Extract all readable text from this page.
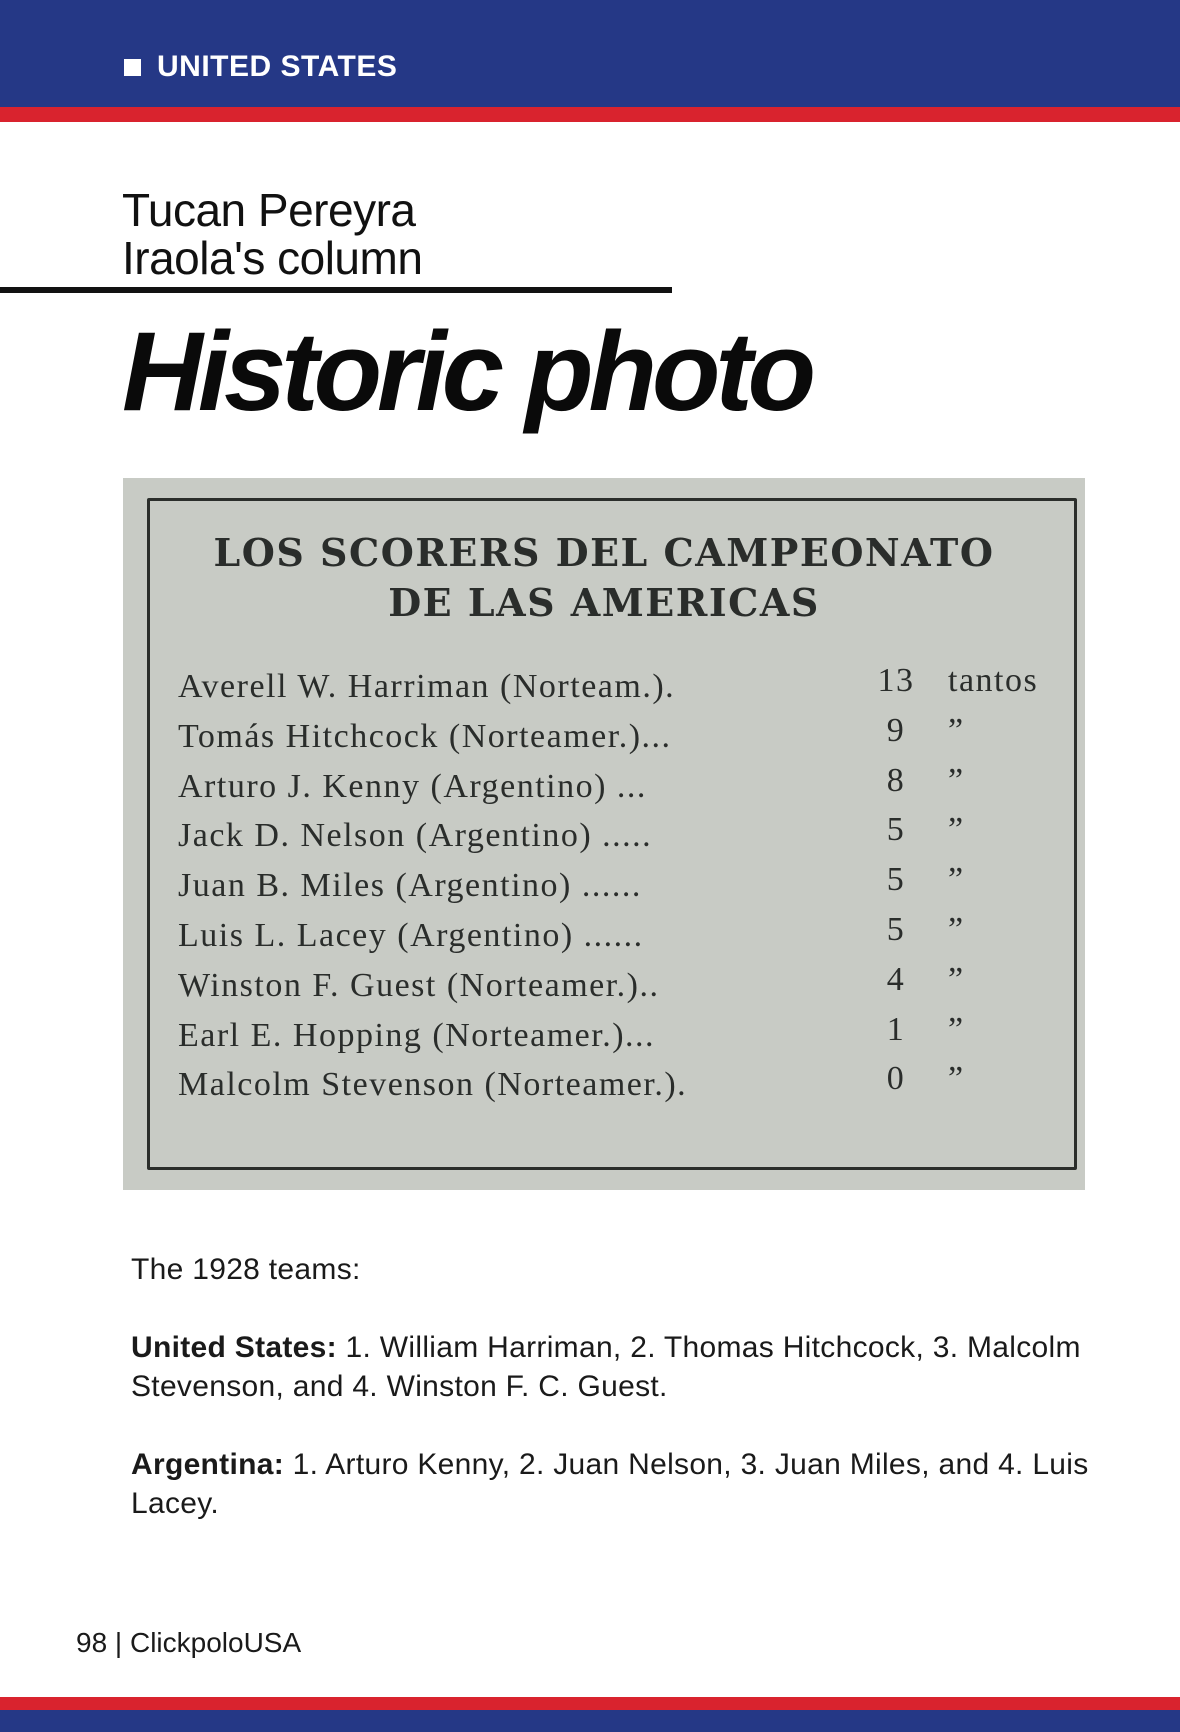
UNITED STATES
Tucan Pereyra
Iraola's column
Historic photo
LOS SCORERS DEL CAMPEONATO
DE LAS AMERICAS
Averell W. Harriman (Norteam.).	13 tantos
Tomás Hitchcock (Norteamer.)...	9	”
Arturo J. Kenny (Argentino) ...	8	”
Jack D. Nelson (Argentino) .....	5	”
Juan B. Miles (Argentino) ......	5	”
Luis L. Lacey (Argentino) ......	5	”
Winston F. Guest (Norteamer.)..	4	”
Earl E. Hopping (Norteamer.)...	1	”
Malcolm Stevenson (Norteamer.).	0	”

The 1928 teams:

United States: 1. William Harriman, 2. Thomas Hitchcock, 3. Malcolm Stevenson, and 4. Winston F. C. Guest.

Argentina: 1. Arturo Kenny, 2. Juan Nelson, 3. Juan Miles, and 4. Luis Lacey.

98 | ClickpoloUSA
